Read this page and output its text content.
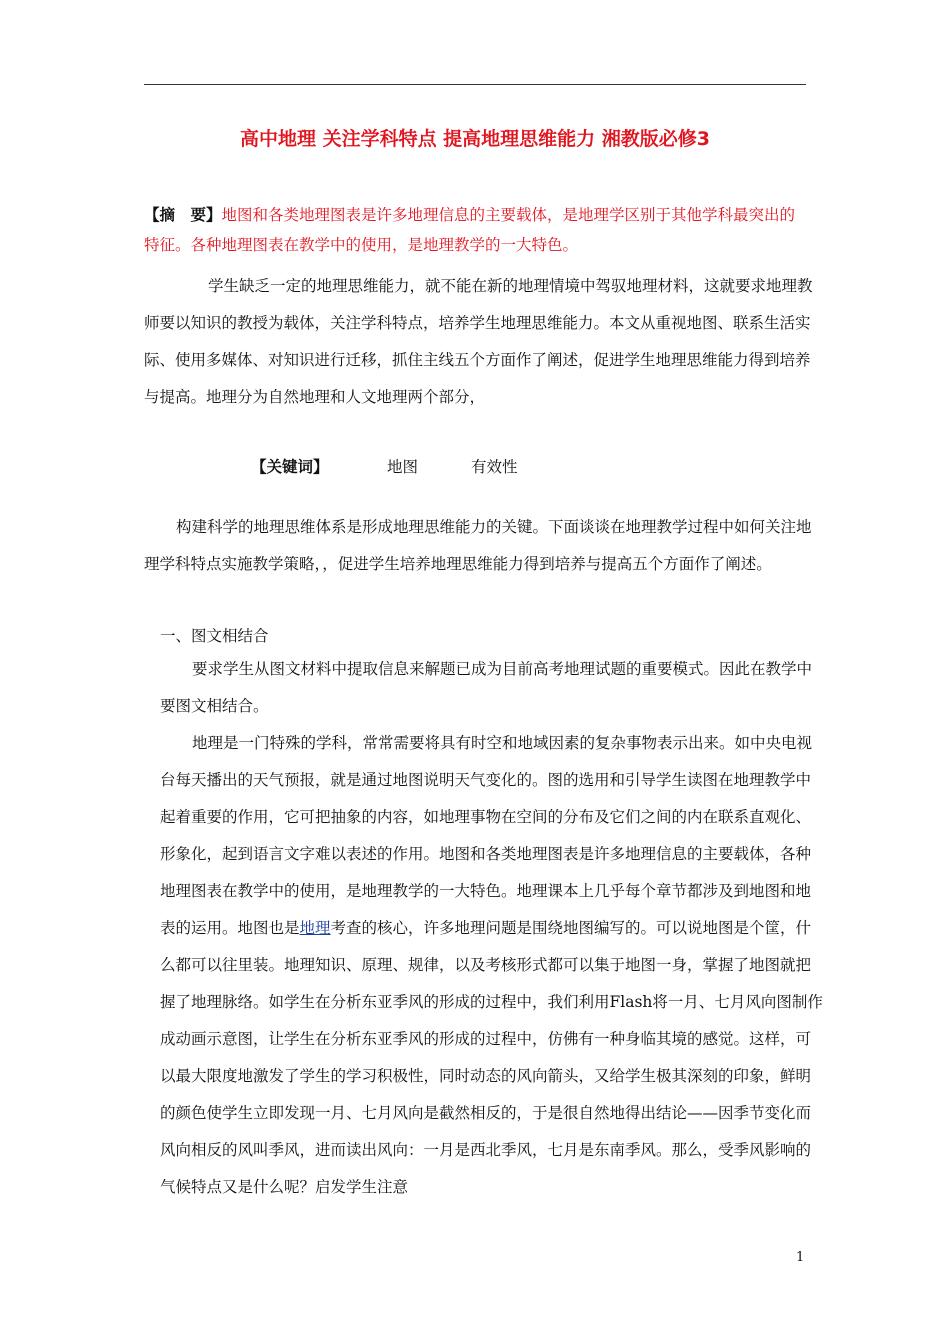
高中地理 关注学科特点 提高地理思维能力 湘教版必修3

【摘　要】地图和各类地理图表是许多地理信息的主要载体，是地理学区别于其他学科最突出的特征。各种地理图表在教学中的使用，是地理教学的一大特色。

学生缺乏一定的地理思维能力，就不能在新的地理情境中驾驭地理材料，这就要求地理教师要以知识的教授为载体，关注学科特点，培养学生地理思维能力。本文从重视地图、联系生活实际、使用多媒体、对知识进行迁移，抓住主线五个方面作了阐述，促进学生地理思维能力得到培养与提高。地理分为自然地理和人文地理两个部分，

【关键词】	地图	有效性

构建科学的地理思维体系是形成地理思维能力的关键。下面谈谈在地理教学过程中如何关注地理学科特点实施教学策略，，促进学生培养地理思维能力得到培养与提高五个方面作了阐述。

一、图文相结合

要求学生从图文材料中提取信息来解题已成为目前高考地理试题的重要模式。因此在教学中要图文相结合。

地理是一门特殊的学科，常常需要将具有时空和地域因素的复杂事物表示出来。如中央电视台每天播出的天气预报，就是通过地图说明天气变化的。图的选用和引导学生读图在地理教学中起着重要的作用，它可把抽象的内容，如地理事物在空间的分布及它们之间的内在联系直观化、形象化，起到语言文字难以表述的作用。地图和各类地理图表是许多地理信息的主要载体，各种地理图表在教学中的使用，是地理教学的一大特色。地理课本上几乎每个章节都涉及到地图和地表的运用。地图也是地理考查的核心，许多地理问题是围绕地图编写的。可以说地图是个筐，什么都可以往里装。地理知识、原理、规律，以及考核形式都可以集于地图一身，掌握了地图就把握了地理脉络。如学生在分析东亚季风的形成的过程中，我们利用Flash将一月、七月风向图制作成动画示意图，让学生在分析东亚季风的形成的过程中，仿佛有一种身临其境的感觉。这样，可以最大限度地激发了学生的学习积极性，同时动态的风向箭头，又给学生极其深刻的印象，鲜明的颜色使学生立即发现一月、七月风向是截然相反的，于是很自然地得出结论——因季节变化而风向相反的风叫季风，进而读出风向：一月是西北季风，七月是东南季风。那么，受季风影响的气候特点又是什么呢？启发学生注意

1
